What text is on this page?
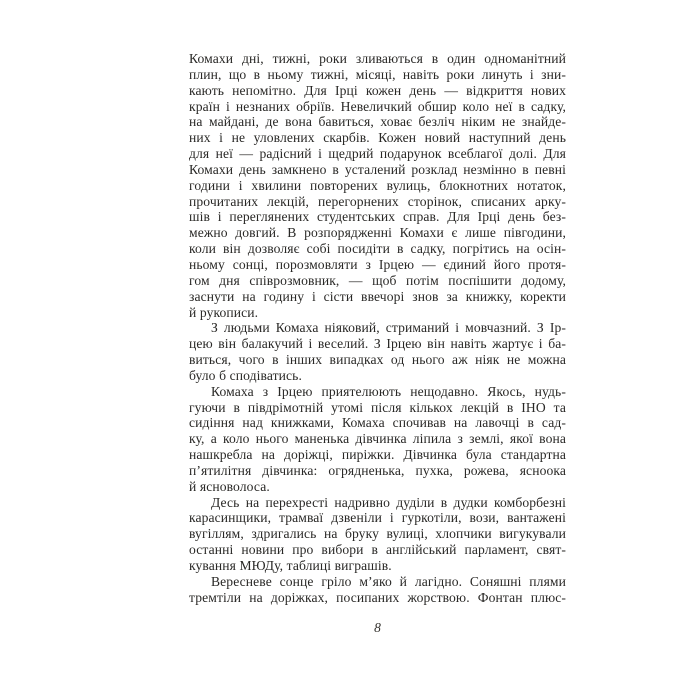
Комахи дні, тижні, роки зливаються в один одноманітний
плин, що в ньому тижні, місяці, навіть роки линуть і зни-
кають непомітно. Для Ірці кожен день — відкриття нових
країн і незнаних обріїв. Невеличкий обшир коло неї в садку,
на майдані, де вона бавиться, ховає безліч ніким не знайде-
них і не уловлених скарбів. Кожен новий наступний день
для неї — радісний і щедрий подарунок всеблагої долі. Для
Комахи день замкнено в усталений розклад незмінно в певні
години і хвилини повторених вулиць, блокнотних нотаток,
прочитаних лекцій, перегорнених сторінок, списаних арку-
шів і переглянених студентських справ. Для Ірці день без-
межно довгий. В розпорядженні Комахи є лише півгодини,
коли він дозволяє собі посидіти в садку, погрітись на осін-
ньому сонці, порозмовляти з Ірцею — єдиний його протя-
гом дня співрозмовник, — щоб потім поспішити додому,
заснути на годину і сісти ввечорі знов за книжку, коректи
й рукописи.

З людьми Комаха ніяковий, стриманий і мовчазний. З Ір-
цею він балакучий і веселий. З Ірцею він навіть жартує і ба-
виться, чого в інших випадках од нього аж ніяк не можна
було б сподіватись.

Комаха з Ірцею приятелюють нещодавно. Якось, нудь-
гуючи в півдрімотній утомі після кількох лекцій в ІНО та
сидіння над книжками, Комаха спочивав на лавочці в сад-
ку, а коло нього маненька дівчинка ліпила з землі, якої вона
нашкребла на доріжці, пиріжки. Дівчинка була стандартна
п’ятилітня дівчинка: огрядненька, пухка, рожева, ясноока
й ясноволоса.

Десь на перехресті надривно дуділи в дудки комборбезні
карасинщики, трамваї дзвеніли і гуркотіли, вози, вантажені
вугіллям, здригались на бруку вулиці, хлопчики вигукували
останні новини про вибори в англійський парламент, свят-
кування МЮДу, таблиці виграшів.

Вересневе сонце гріло м’яко й лагідно. Соняшні плями
тремтіли на доріжках, посипаних жорствою. Фонтан плюс-

8
